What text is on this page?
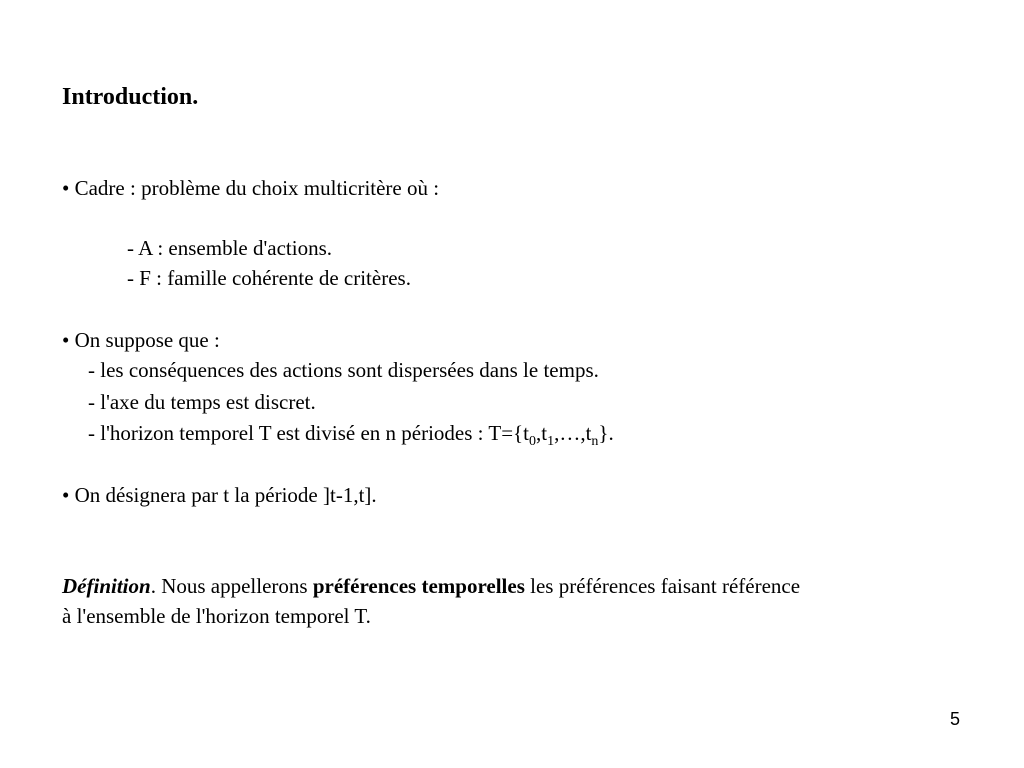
Introduction.
• Cadre : problème du choix multicritère où :
- A : ensemble d'actions.
- F : famille cohérente de critères.
• On suppose que :
- les conséquences des actions sont dispersées dans le temps.
- l'axe du temps est discret.
- l'horizon temporel T est divisé en n périodes : $T=\{t_0,t_1,\dots,t_n\}$.
• On désignera par t la période ]t-1,t].
Définition. Nous appellerons préférences temporelles les préférences faisant référence
à l'ensemble de l'horizon temporel T.
5
